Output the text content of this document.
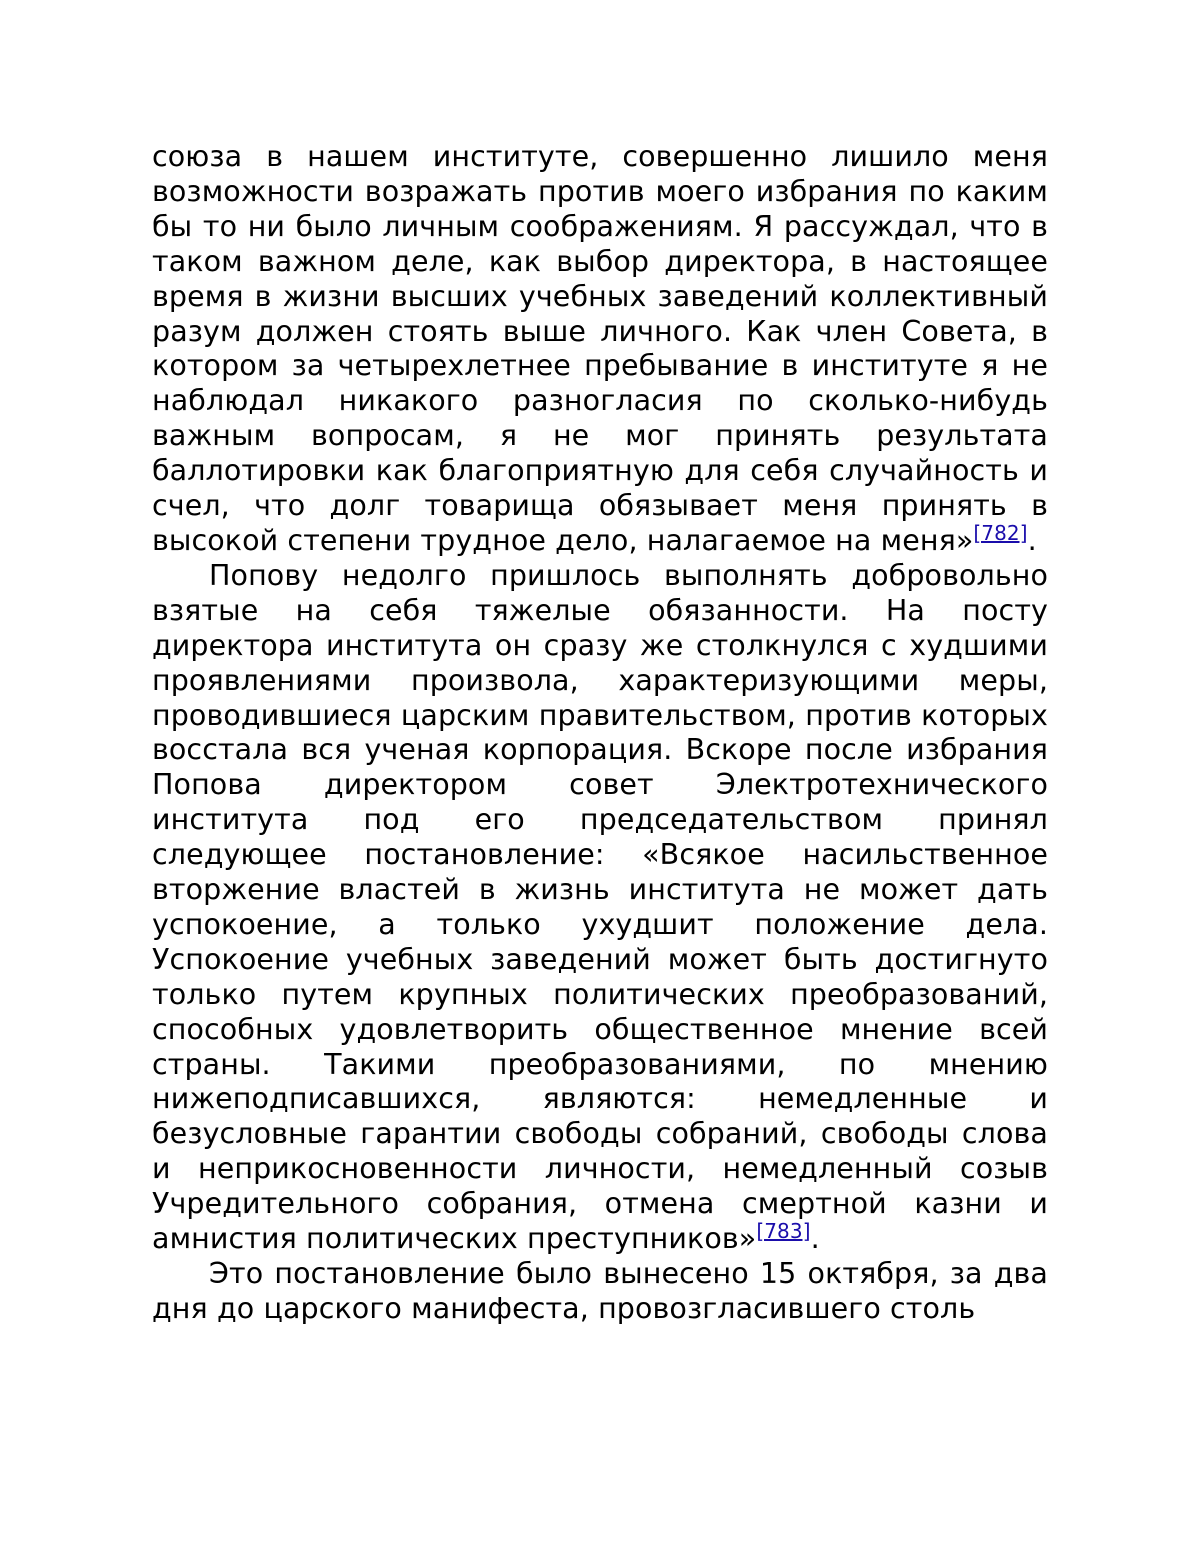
союза в нашем институте, совершенно лишило меня возможности возражать против моего избрания по каким бы то ни было личным соображениям. Я рассуждал, что в таком важном деле, как выбор директора, в настоящее время в жизни высших учебных заведений коллективный разум должен стоять выше личного. Как член Совета, в котором за четырехлетнее пребывание в институте я не наблюдал никакого разногласия по сколько-нибудь важным вопросам, я не мог принять результата баллотировки как благоприятную для себя случайность и счел, что долг товарища обязывает меня принять в высокой степени трудное дело, налагаемое на меня»[782].

Попову недолго пришлось выполнять добровольно взятые на себя тяжелые обязанности. На посту директора института он сразу же столкнулся с худшими проявлениями произвола, характеризующими меры, проводившиеся царским правительством, против которых восстала вся ученая корпорация. Вскоре после избрания Попова директором совет Электротехнического института под его председательством принял следующее постановление: «Всякое насильственное вторжение властей в жизнь института не может дать успокоение, а только ухудшит положение дела. Успокоение учебных заведений может быть достигнуто только путем крупных политических преобразований, способных удовлетворить общественное мнение всей страны. Такими преобразованиями, по мнению нижеподписавшихся, являются: немедленные и безусловные гарантии свободы собраний, свободы слова и неприкосновенности личности, немедленный созыв Учредительного собрания, отмена смертной казни и амнистия политических преступников»[783].

Это постановление было вынесено 15 октября, за два дня до царского манифеста, провозгласившего столь
